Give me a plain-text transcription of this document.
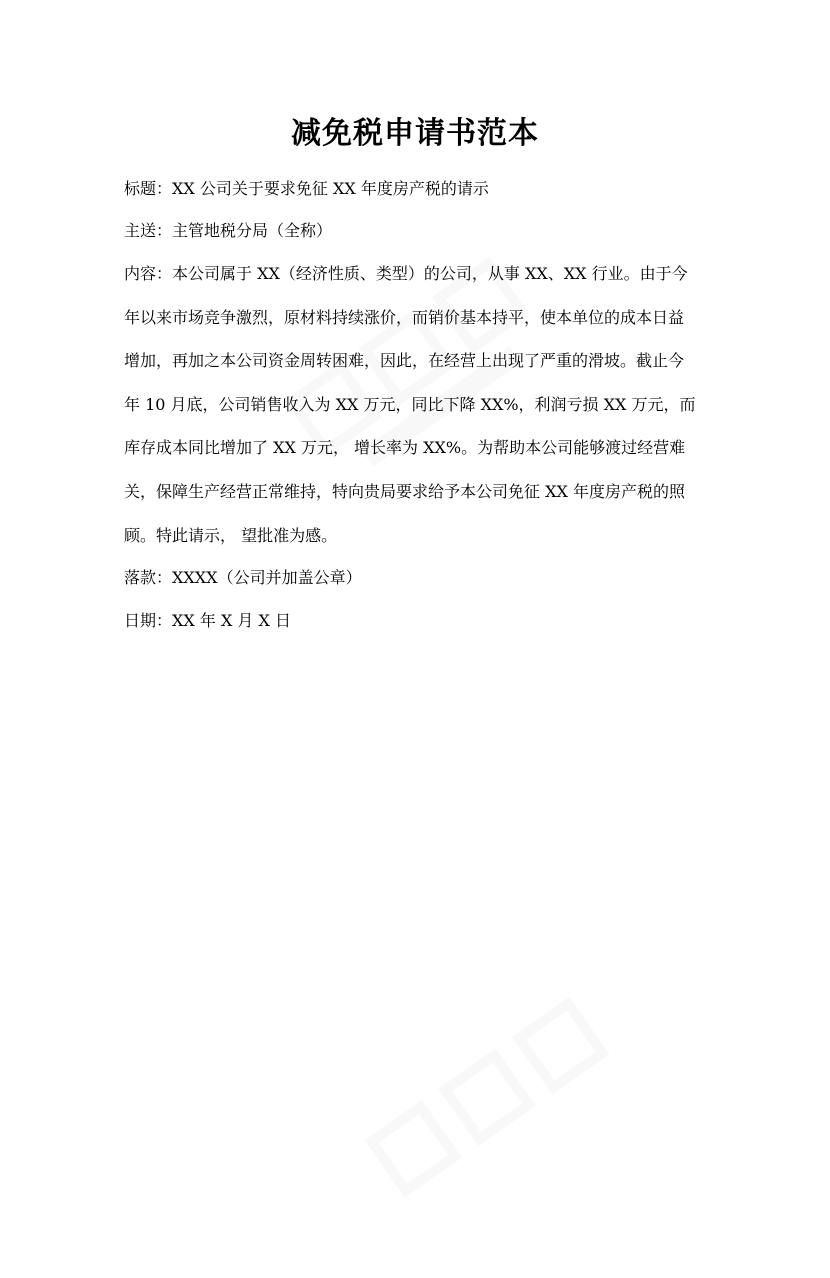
减免税申请书范本

标题：XX 公司关于要求免征 XX 年度房产税的请示

主送：主管地税分局（全称）

内容：本公司属于 XX（经济性质、类型）的公司，从事 XX、XX 行业。由于今
年以来市场竞争激烈，原材料持续涨价，而销价基本持平，使本单位的成本日益
增加，再加之本公司资金周转困难，因此，在经营上出现了严重的滑坡。截止今
年 10 月底，公司销售收入为 XX 万元，同比下降 XX%，利润亏损 XX 万元，而
库存成本同比增加了 XX 万元， 增长率为 XX%。为帮助本公司能够渡过经营难
关，保障生产经营正常维持，特向贵局要求给予本公司免征 XX 年度房产税的照
顾。特此请示， 望批准为感。

落款：XXXX（公司并加盖公章）

日期：XX 年 X 月 X 日
